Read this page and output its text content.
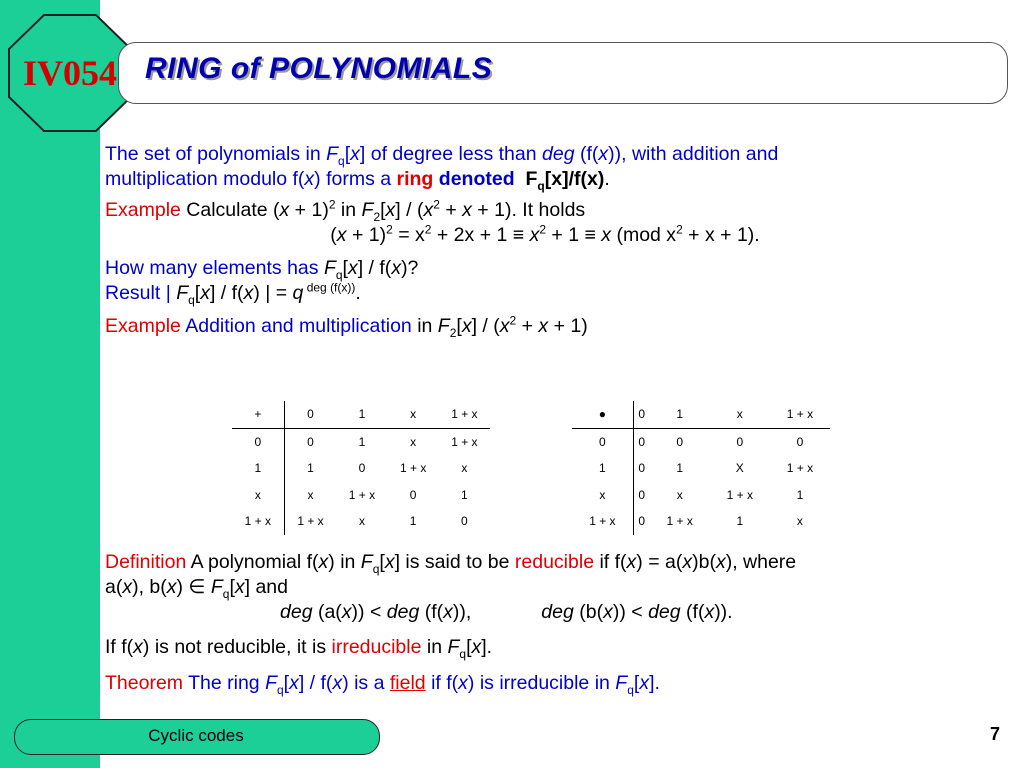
IV054 RING of POLYNOMIALS

The set of polynomials in $F_q[x]$ of degree less than deg (f(x)), with addition and
multiplication modulo f(x) forms a ring denoted $F_q[x]/f(x)$.

Example Calculate $(x + 1)^2$ in $F_2[x] / (x^2 + x + 1)$. It holds

$(x + 1)^2 = x^2 + 2x + 1 \equiv x^2 + 1 \equiv x$ (mod $x^2 + x + 1$).

How many elements has $F_q[x] / f(x)$?

Result | $F_q[x] / f(x)$ | = q $^{deg (f(x))}$.

Example Addition and multiplication in $F_2[x] / (x^2 + x + 1)$

+	0	1	x	1 + x
0	0	1	x	1 + x
1	1	0	1 + x	x
x	x	1 + x	0	1
1 + x	1 + x	x	1	0
●	0	1	x	1 + x
0	0	0	0	0
1	0	1	X	1 + x
x	0	x	1 + x	1
1 + x	0	1 + x	1	x

Definition A polynomial f(x) in $F_q[x]$ is said to be reducible if f(x) = a(x)b(x), where
a(x), b(x) ∈ $F_q[x]$ and

deg (a(x)) < deg (f(x)),	deg (b(x)) < deg (f(x)).

If f(x) is not reducible, it is irreducible in $F_q[x]$.

Theorem The ring $F_q[x] / f(x)$ is a field if f(x) is irreducible in $F_q[x]$.

Cyclic codes	7
